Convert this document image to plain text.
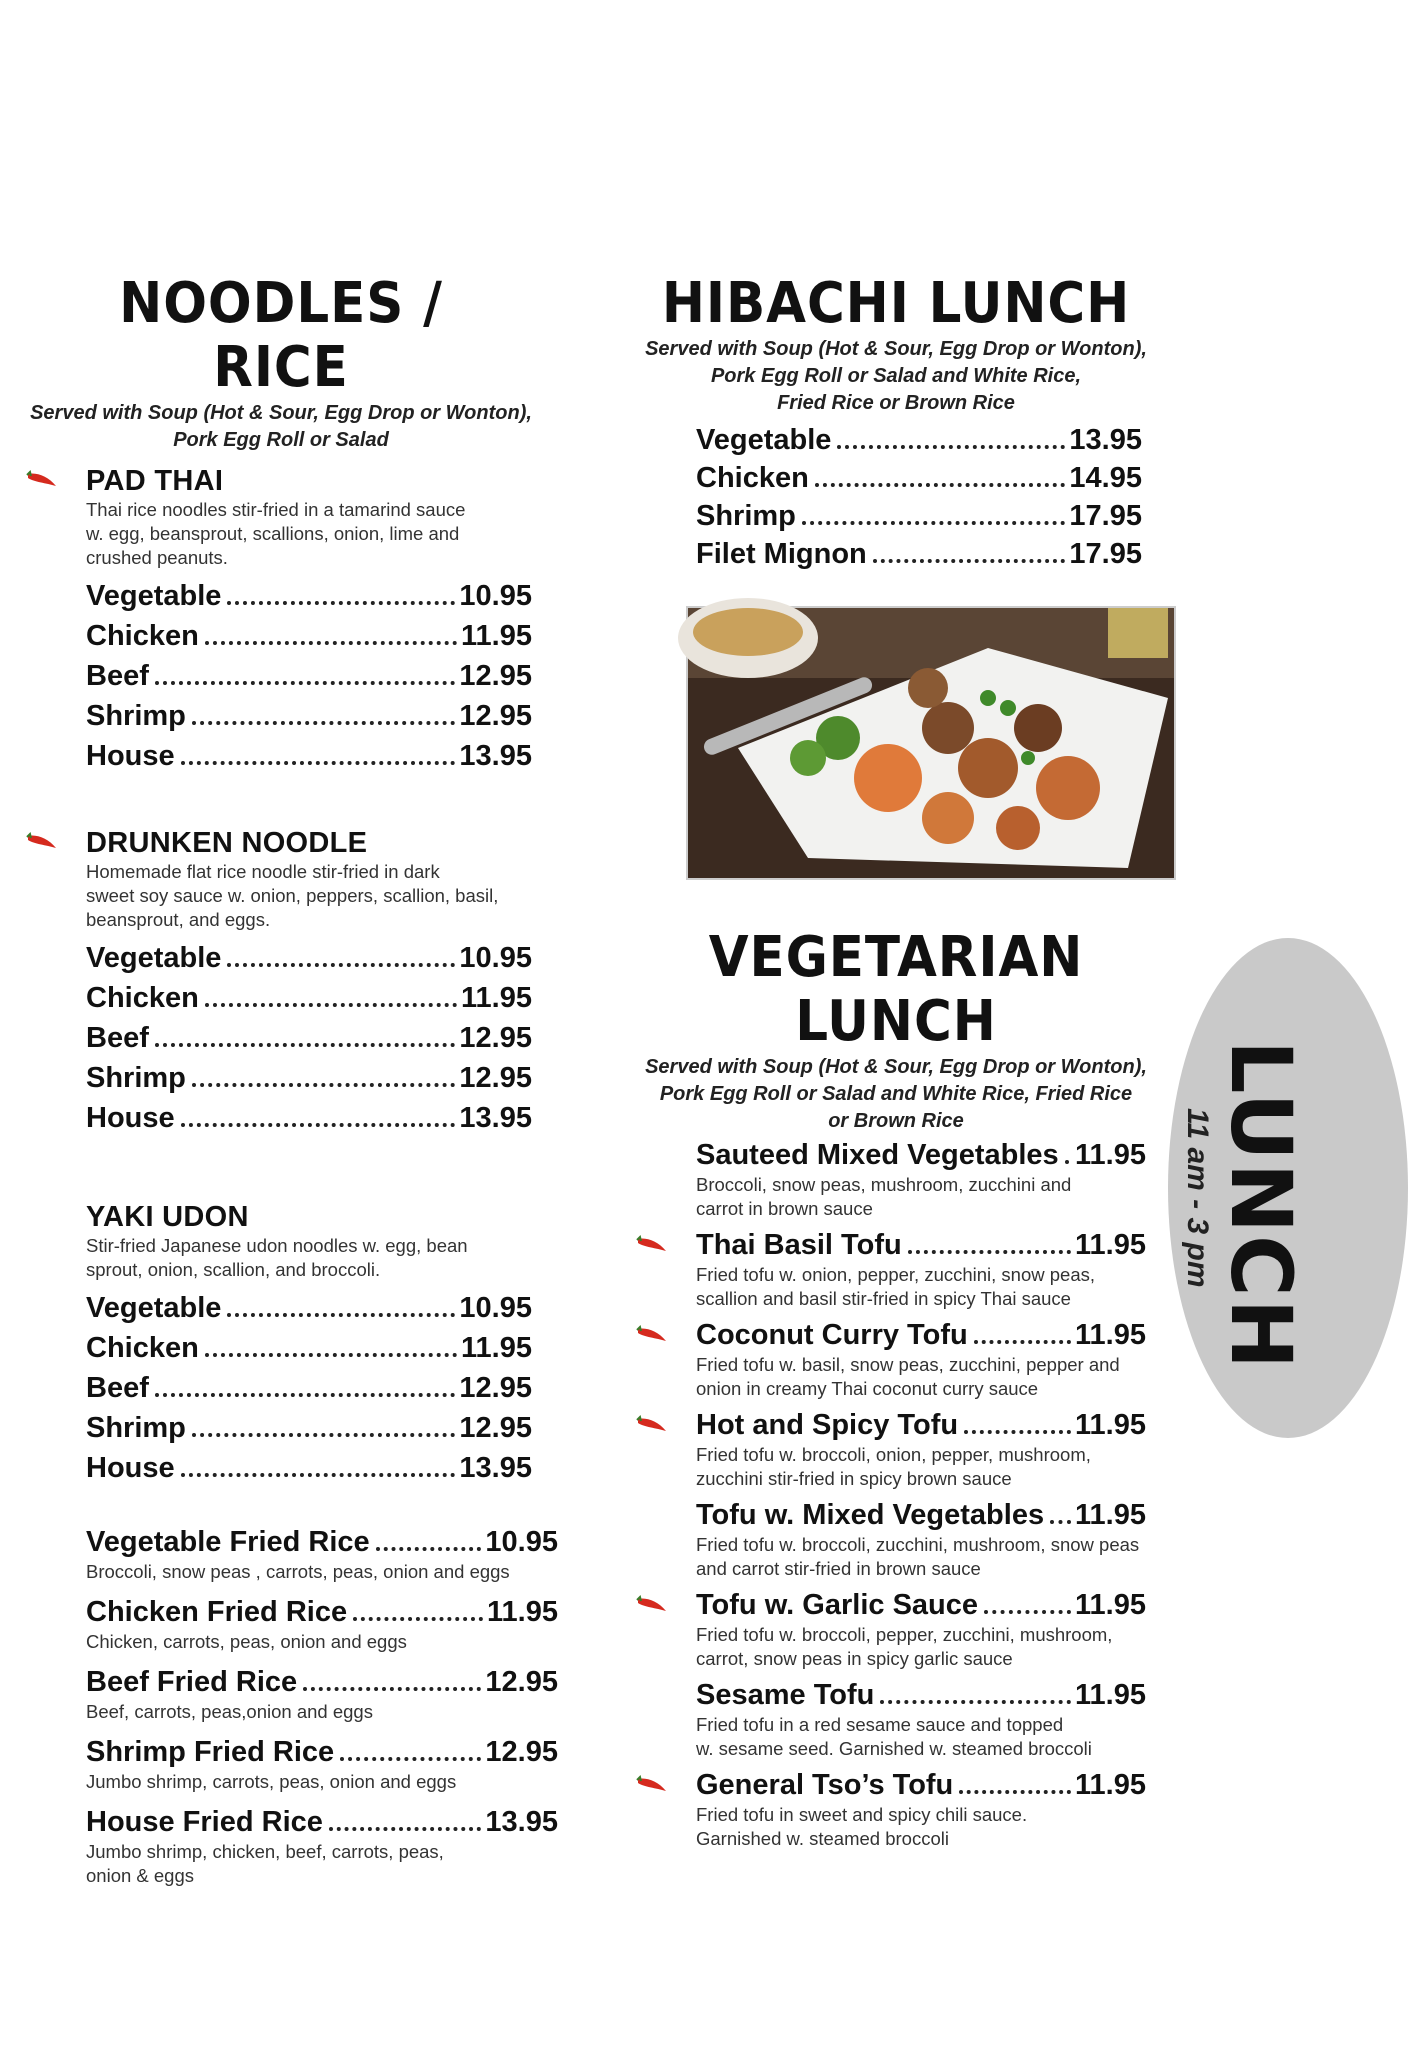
NOODLES / RICE
Served with Soup (Hot & Sour, Egg Drop or Wonton),
Pork Egg Roll or Salad
PAD THAI
Thai rice noodles stir-fried in a tamarind sauce
w. egg, beansprout, scallions, onion, lime and
crushed peanuts.
Vegetable	10.95
Chicken	11.95
Beef	12.95
Shrimp	12.95
House	13.95
DRUNKEN NOODLE
Homemade flat rice noodle stir-fried in dark
sweet soy sauce w. onion, peppers, scallion, basil,
beansprout, and eggs.
Vegetable	10.95
Chicken	11.95
Beef	12.95
Shrimp	12.95
House	13.95
YAKI UDON
Stir-fried Japanese udon noodles w. egg, bean
sprout, onion, scallion, and broccoli.
Vegetable	10.95
Chicken	11.95
Beef	12.95
Shrimp	12.95
House	13.95
Vegetable Fried Rice	10.95
Broccoli, snow peas , carrots, peas, onion and eggs
Chicken Fried Rice	11.95
Chicken, carrots, peas, onion and eggs
Beef Fried Rice	12.95
Beef, carrots, peas,onion and eggs
Shrimp Fried Rice	12.95
Jumbo shrimp, carrots, peas, onion and eggs
House Fried Rice	13.95
Jumbo shrimp, chicken, beef, carrots, peas,
onion & eggs
HIBACHI LUNCH
Served with Soup (Hot & Sour, Egg Drop or Wonton),
Pork Egg Roll or Salad and White Rice,
Fried Rice or Brown Rice
Vegetable	13.95
Chicken	14.95
Shrimp	17.95
Filet Mignon	17.95
VEGETARIAN LUNCH
Served with Soup (Hot & Sour, Egg Drop or Wonton),
Pork Egg Roll or Salad and White Rice, Fried Rice
or Brown Rice
Sauteed Mixed Vegetables 11.95
Broccoli, snow peas, mushroom, zucchini and
carrot in brown sauce
Thai Basil Tofu	11.95
Fried tofu w. onion, pepper, zucchini, snow peas,
scallion and basil stir-fried in spicy Thai sauce
Coconut Curry Tofu	11.95
Fried tofu w. basil, snow peas, zucchini, pepper and
onion in creamy Thai coconut curry sauce
Hot and Spicy Tofu	11.95
Fried tofu w. broccoli, onion, pepper, mushroom,
zucchini stir-fried in spicy brown sauce
Tofu w. Mixed Vegetables 11.95
Fried tofu w. broccoli, zucchini, mushroom, snow peas
and carrot stir-fried in brown sauce
Tofu w. Garlic Sauce	11.95
Fried tofu w. broccoli, pepper, zucchini, mushroom,
carrot, snow peas in spicy garlic sauce
Sesame Tofu	11.95
Fried tofu in a red sesame sauce and topped
w. sesame seed. Garnished w. steamed broccoli
General Tso’s Tofu	11.95
Fried tofu in sweet and spicy chili sauce.
Garnished w. steamed broccoli
LUNCH
11 am - 3 pm
